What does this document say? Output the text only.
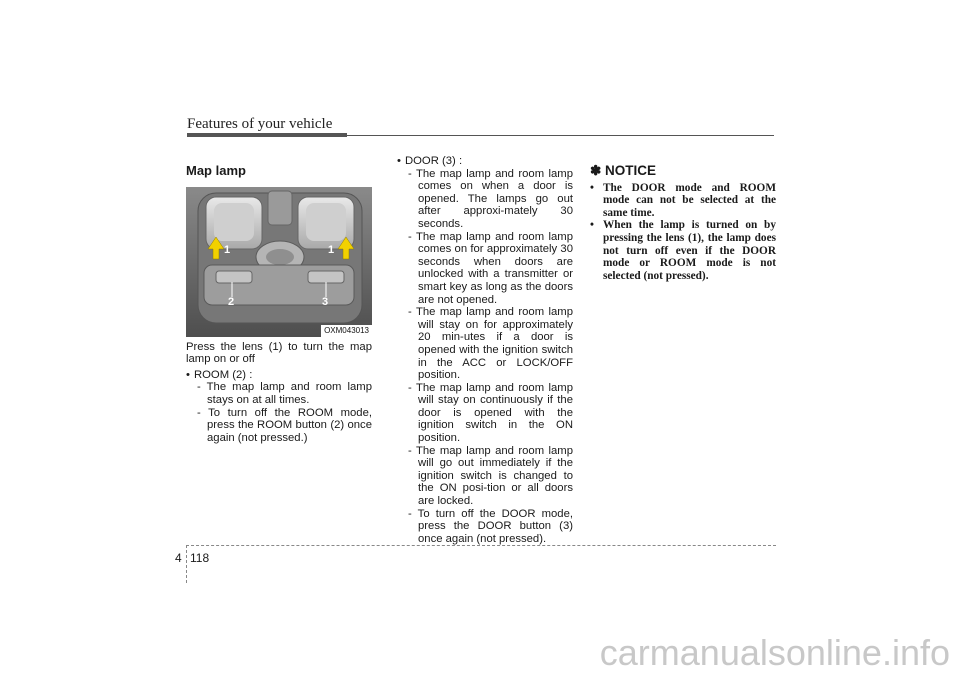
Features of your vehicle
Map lamp
1	1
2	3
OXM043013

Press the lens (1) to turn the map lamp on or off

• ROOM (2) :
- The map lamp and room lamp stays on at all times.
- To turn off the ROOM mode, press the ROOM button (2) once again (not pressed.)
• DOOR (3) :
- The map lamp and room lamp comes on when a door is opened. The lamps go out after approxi-mately 30 seconds.
- The map lamp and room lamp comes on for approximately 30 seconds when doors are unlocked with a transmitter or smart key as long as the doors are not opened.
- The map lamp and room lamp will stay on for approximately 20 min-utes if a door is opened with the ignition switch in the ACC or LOCK/OFF position.
- The map lamp and room lamp will stay on continuously if the door is opened with the ignition switch in the ON position.
- The map lamp and room lamp will go out immediately if the ignition switch is changed to the ON posi-tion or all doors are locked.
- To turn off the DOOR mode, press the DOOR button (3) once again (not pressed).
✽ NOTICE

• The DOOR mode and ROOM mode can not be selected at the same time.

• When the lamp is turned on by pressing the lens (1), the lamp does not turn off even if the DOOR mode or ROOM mode is not selected (not pressed).

4 118
carmanualsonline.info
